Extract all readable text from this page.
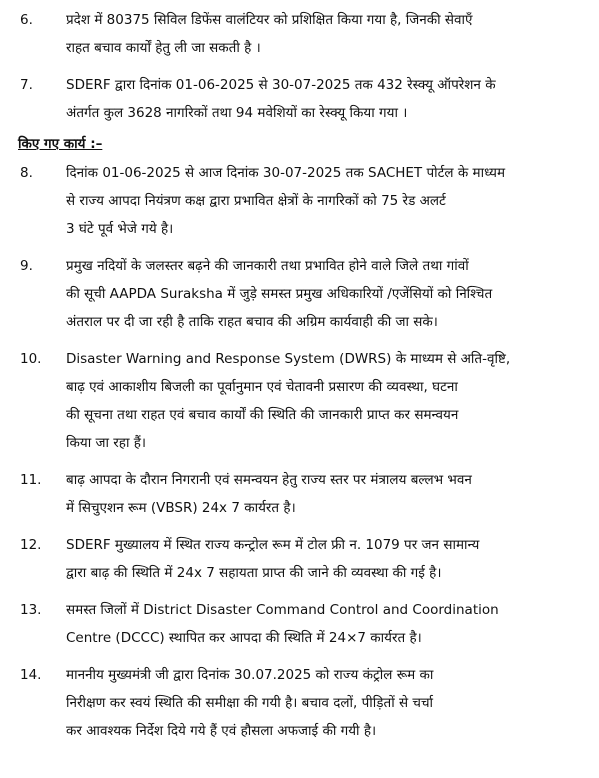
6.	प्रदेश में 80375 सिविल डिफेंस वालंटियर को प्रशिक्षित किया गया है, जिनकी सेवाएँ
राहत बचाव कार्यों हेतु ली जा सकती है ।
7.	SDERF द्वारा दिनांक 01-06-2025 से 30-07-2025 तक 432 रेस्क्यू ऑपरेशन के
अंतर्गत कुल 3628 नागरिकों तथा 94 मवेशियों का रेस्क्यू किया गया ।
किए गए कार्य :–
8.	दिनांक 01-06-2025 से आज दिनांक 30-07-2025 तक SACHET पोर्टल के माध्यम
से राज्य आपदा नियंत्रण कक्ष द्वारा प्रभावित क्षेत्रों के नागरिकों को 75 रेड अलर्ट
3 घंटे पूर्व भेजे गये है।
9.	प्रमुख नदियों के जलस्तर बढ़ने की जानकारी तथा प्रभावित होने वाले जिले तथा गांवों
की सूची AAPDA Suraksha में जुड़े समस्त प्रमुख अधिकारियों /एजेंसियों को निश्चित
अंतराल पर दी जा रही है ताकि राहत बचाव की अग्रिम कार्यवाही की जा सके।
10.	Disaster Warning and Response System (DWRS) के माध्यम से अति-वृष्टि,
बाढ़ एवं आकाशीय बिजली का पूर्वानुमान एवं चेतावनी प्रसारण की व्यवस्था, घटना
की सूचना तथा राहत एवं बचाव कार्यों की स्थिति की जानकारी प्राप्त कर समन्वयन
किया जा रहा हैं।
11.	बाढ़ आपदा के दौरान निगरानी एवं समन्वयन हेतु राज्य स्तर पर मंत्रालय बल्लभ भवन
में सिचुएशन रूम (VBSR) 24x 7 कार्यरत है।
12.	SDERF मुख्यालय में स्थित राज्य कन्ट्रोल रूम में टोल फ्री न. 1079 पर जन सामान्य
द्वारा बाढ़ की स्थिति में 24x 7 सहायता प्राप्त की जाने की व्यवस्था की गई है।
13.	समस्त जिलों में District Disaster Command Control and Coordination
Centre (DCCC) स्थापित कर आपदा की स्थिति में 24×7 कार्यरत है।
14.	माननीय मुख्यमंत्री जी द्वारा दिनांक 30.07.2025 को राज्य कंट्रोल रूम का
निरीक्षण कर स्वयं स्थिति की समीक्षा की गयी है। बचाव दलों, पीड़ितों से चर्चा
कर आवश्यक निर्देश दिये गये हैं एवं हौसला अफजाई की गयी है।
